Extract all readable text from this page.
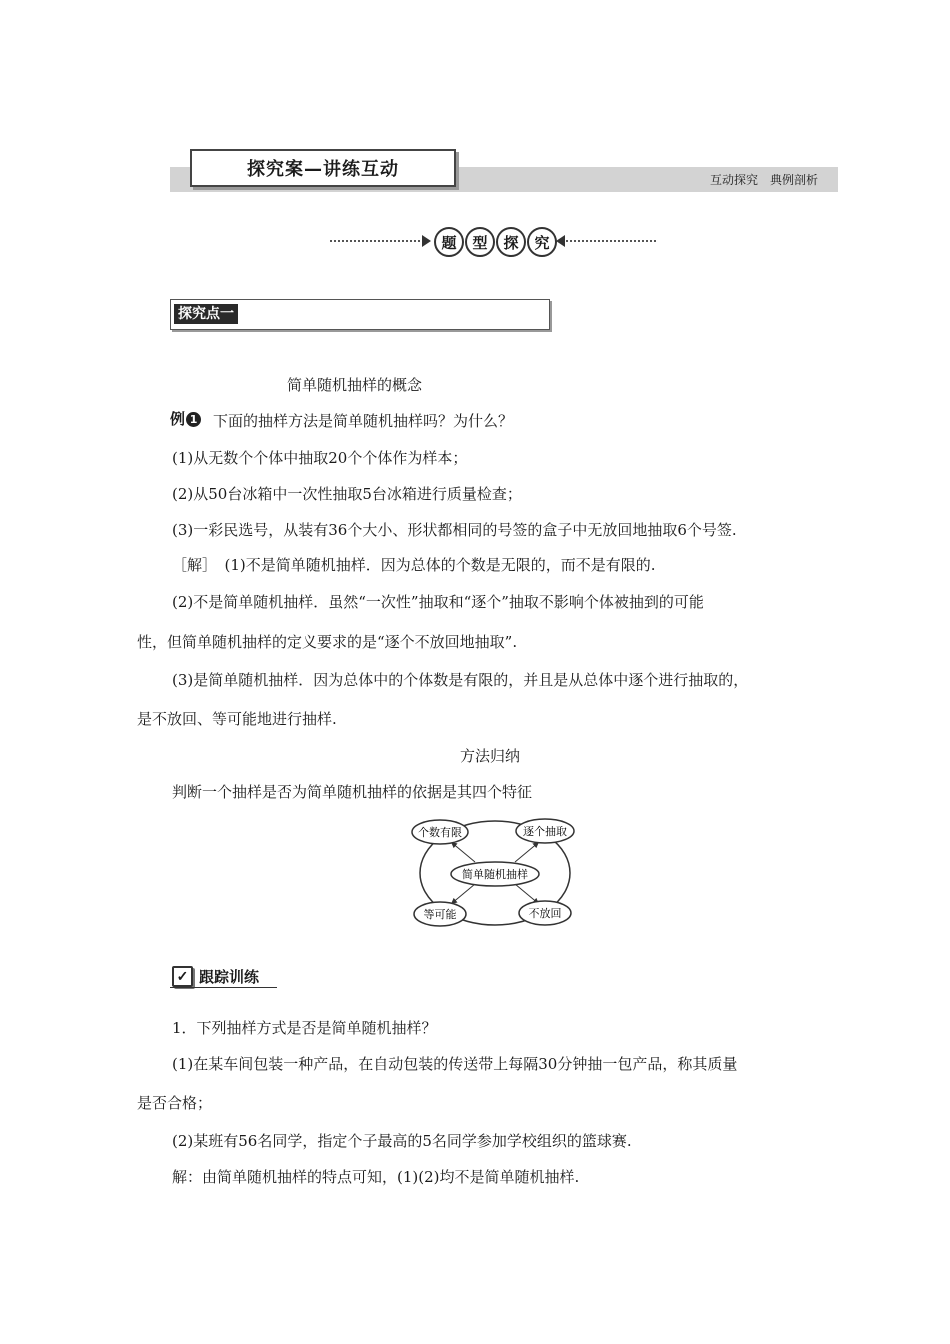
探究案—讲练互动	互动探究　典例剖析
题	型	探	究
探究点一
简单随机抽样的概念
例 1 下面的抽样方法是简单随机抽样吗？为什么？
(1)从无数个个体中抽取20个个体作为样本；
(2)从50台冰箱中一次性抽取5台冰箱进行质量检查；
(3)一彩民选号，从装有36个大小、形状都相同的号签的盒子中无放回地抽取6个号签.
［解］　(1)不是简单随机抽样．因为总体的个数是无限的，而不是有限的.
(2)不是简单随机抽样．虽然“一次性”抽取和“逐个”抽取不影响个体被抽到的可能
性，但简单随机抽样的定义要求的是“逐个不放回地抽取”.
(3)是简单随机抽样．因为总体中的个体数是有限的，并且是从总体中逐个进行抽取的，
是不放回、等可能地进行抽样.
方法归纳
判断一个抽样是否为简单随机抽样的依据是其四个特征
个数有限	逐个抽取
简单随机抽样
等可能	不放回
✓ 跟踪训练
1．下列抽样方式是否是简单随机抽样？
(1)在某车间包装一种产品，在自动包装的传送带上每隔30分钟抽一包产品，称其质量
是否合格；
(2)某班有56名同学，指定个子最高的5名同学参加学校组织的篮球赛.
解：由简单随机抽样的特点可知，(1)(2)均不是简单随机抽样.
